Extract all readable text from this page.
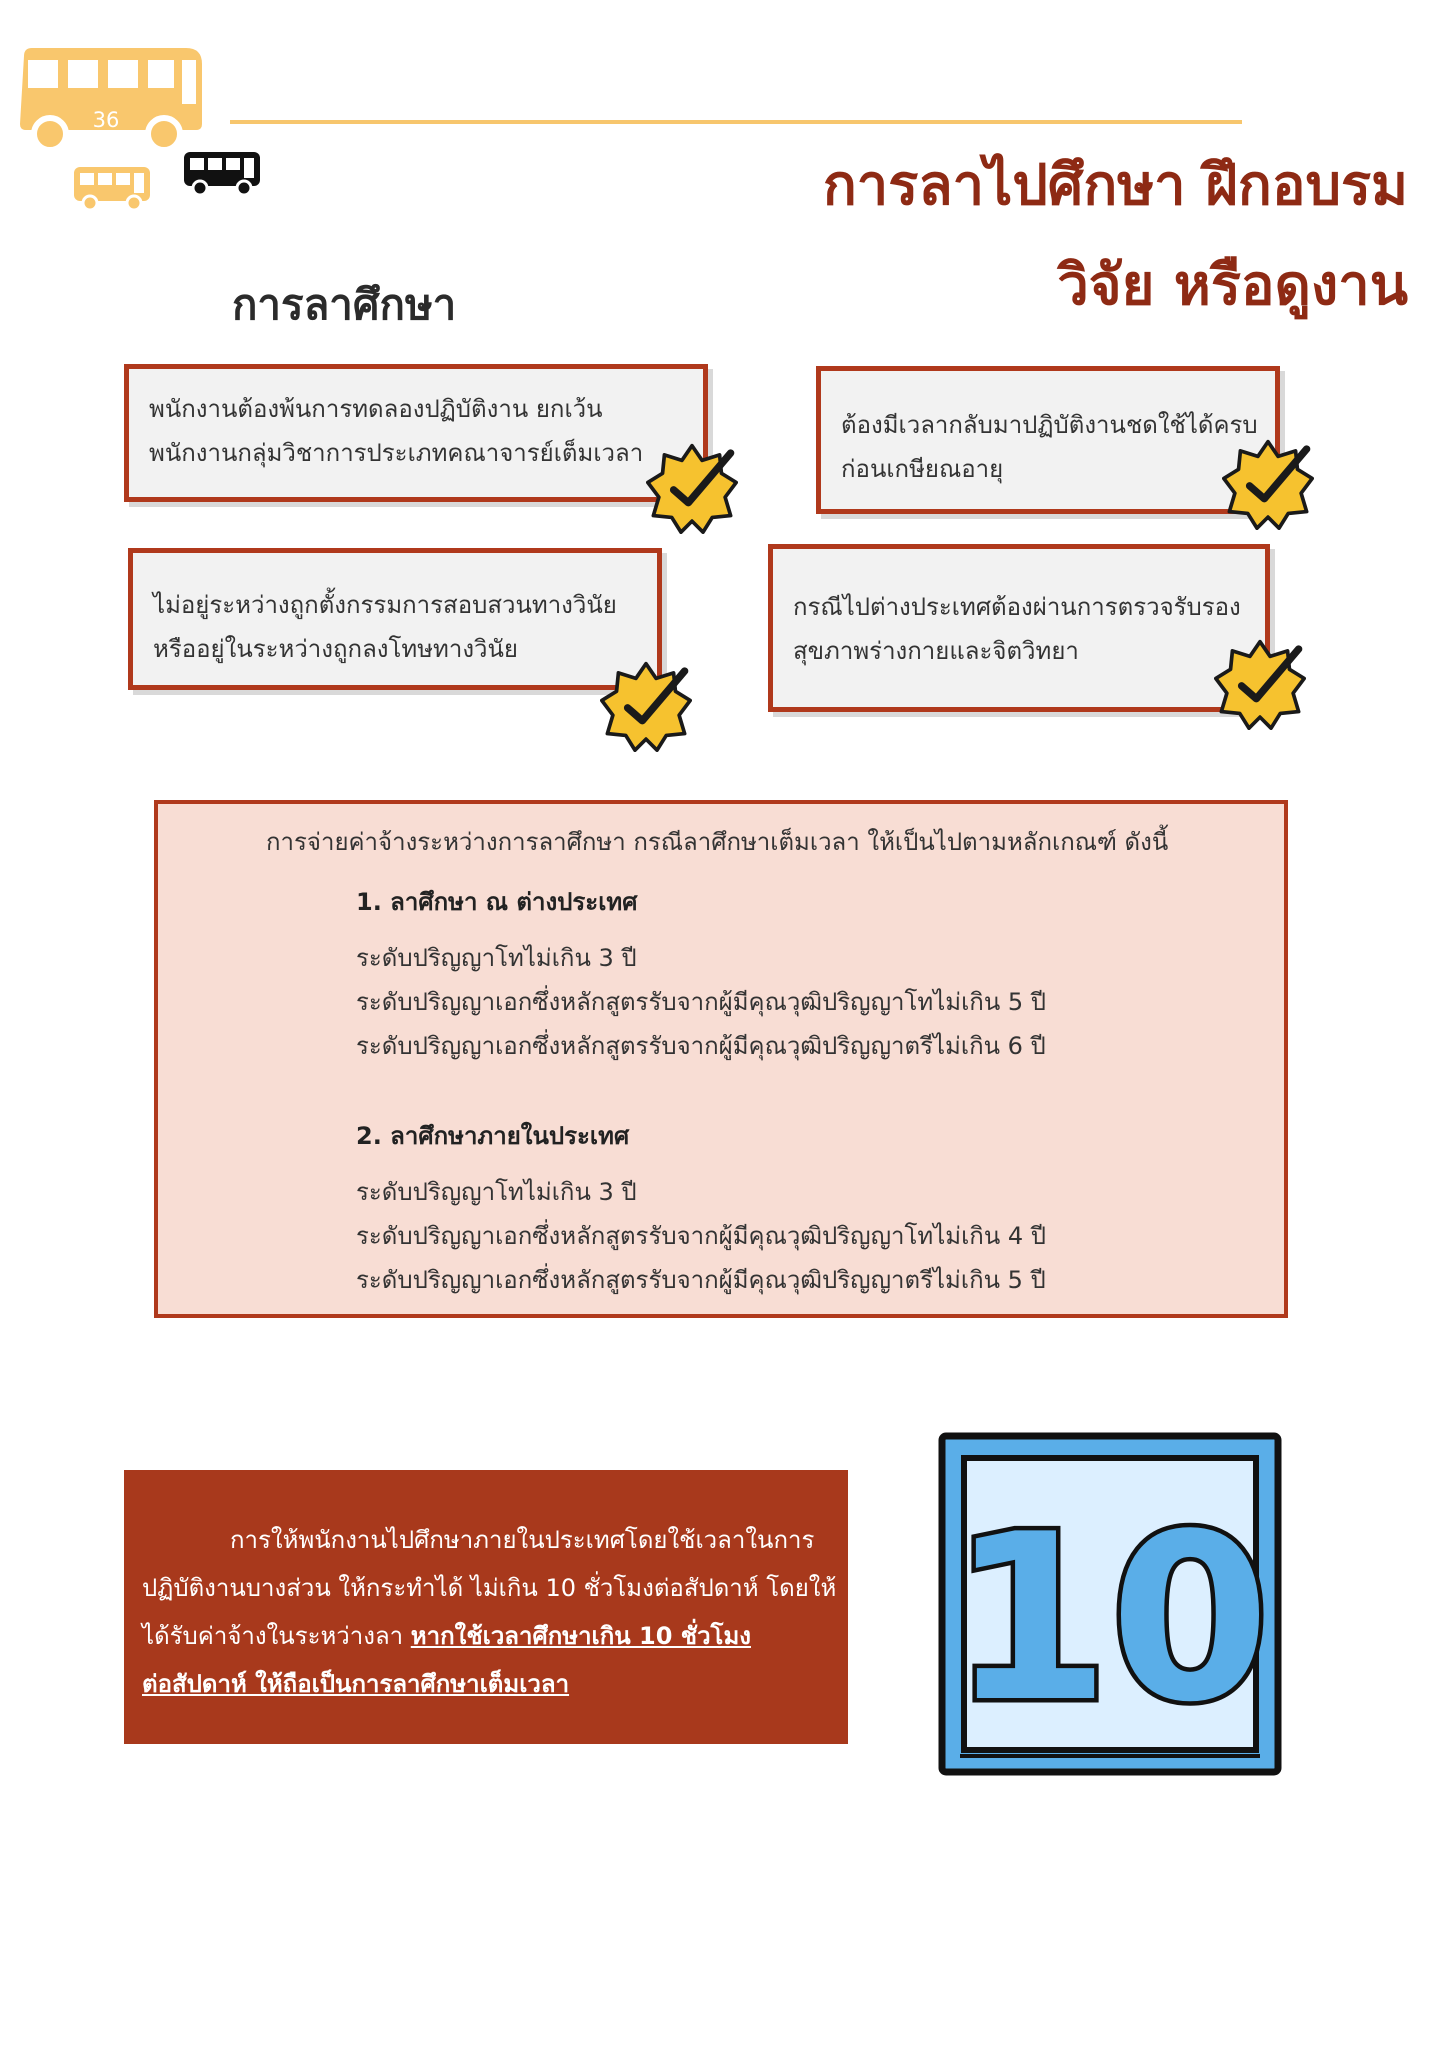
36
การลาไปศึกษา ฝึกอบรม
วิจัย หรือดูงาน
การลาศึกษา
พนักงานต้องพ้นการทดลองปฏิบัติงาน ยกเว้น
พนักงานกลุ่มวิชาการประเภทคณาจารย์เต็มเวลา
ต้องมีเวลากลับมาปฏิบัติงานชดใช้ได้ครบ
ก่อนเกษียณอายุ
ไม่อยู่ระหว่างถูกตั้งกรรมการสอบสวนทางวินัย
หรืออยู่ในระหว่างถูกลงโทษทางวินัย
กรณีไปต่างประเทศต้องผ่านการตรวจรับรอง
สุขภาพร่างกายและจิตวิทยา
การจ่ายค่าจ้างระหว่างการลาศึกษา กรณีลาศึกษาเต็มเวลา ให้เป็นไปตามหลักเกณฑ์ ดังนี้
1. ลาศึกษา ณ ต่างประเทศ
ระดับปริญญาโทไม่เกิน 3 ปี
ระดับปริญญาเอกซึ่งหลักสูตรรับจากผู้มีคุณวุฒิปริญญาโทไม่เกิน 5 ปี
ระดับปริญญาเอกซึ่งหลักสูตรรับจากผู้มีคุณวุฒิปริญญาตรีไม่เกิน 6 ปี
2. ลาศึกษาภายในประเทศ
ระดับปริญญาโทไม่เกิน 3 ปี
ระดับปริญญาเอกซึ่งหลักสูตรรับจากผู้มีคุณวุฒิปริญญาโทไม่เกิน 4 ปี
ระดับปริญญาเอกซึ่งหลักสูตรรับจากผู้มีคุณวุฒิปริญญาตรีไม่เกิน 5 ปี
การให้พนักงานไปศึกษาภายในประเทศโดยใช้เวลาในการ
ปฏิบัติงานบางส่วน ให้กระทำได้ ไม่เกิน 10 ชั่วโมงต่อสัปดาห์ โดยให้
ได้รับค่าจ้างในระหว่างลา หากใช้เวลาศึกษาเกิน 10 ชั่วโมง
ต่อสัปดาห์ ให้ถือเป็นการลาศึกษาเต็มเวลา 10
